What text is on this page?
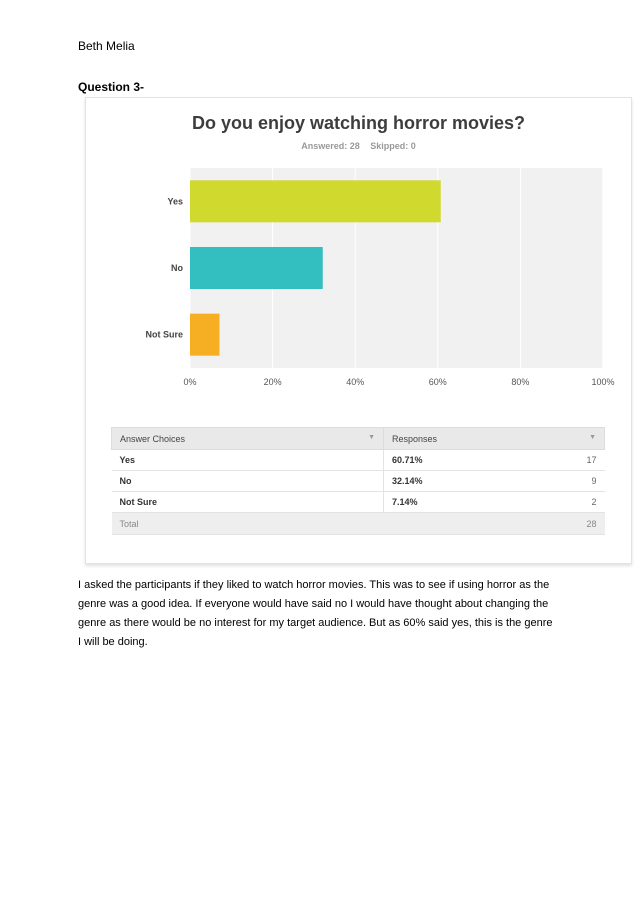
Beth Melia
Question 3-
Do you enjoy watching horror movies?
Answered: 28 Skipped: 0
0%	20%	40%	60%	80%	100%
Yes
No
Not Sure
Answer Choices ▼	Responses ▼	

Yes	60.71%	17
No	32.14%	9
Not Sure	7.14%	2
Total		28
I asked the participants if they liked to watch horror movies. This was to see if using horror as the genre was a good idea. If everyone would have said no I would have thought about changing the genre as there would be no interest for my target audience. But as 60% said yes, this is the genre I will be doing.
